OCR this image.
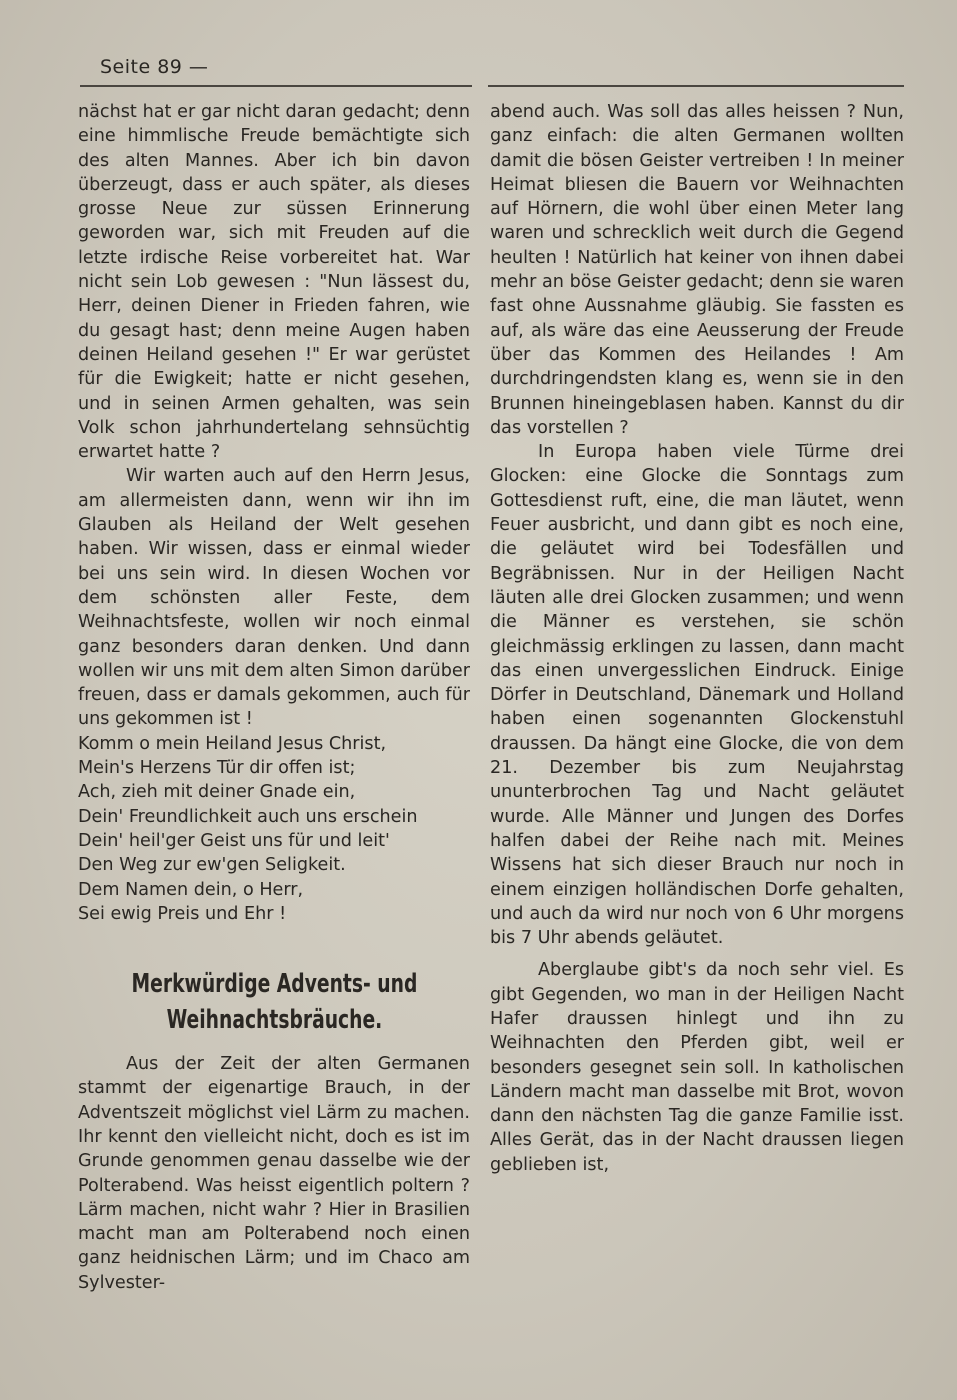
Seite 89 —

nächst hat er gar nicht daran gedacht; denn eine himmlische Freude bemächtigte sich des alten Mannes. Aber ich bin davon überzeugt, dass er auch später, als dieses grosse Neue zur süssen Erinnerung geworden war, sich mit Freuden auf die letzte irdische Reise vorbereitet hat. War nicht sein Lob gewesen : "Nun lässest du, Herr, deinen Diener in Frieden fahren, wie du gesagt hast; denn meine Augen haben deinen Heiland gesehen !" Er war gerüstet für die Ewigkeit; hatte er nicht gesehen, und in seinen Armen gehalten, was sein Volk schon jahrhundertelang sehnsüchtig erwartet hatte ?

Wir warten auch auf den Herrn Jesus, am allermeisten dann, wenn wir ihn im Glauben als Heiland der Welt gesehen haben. Wir wissen, dass er einmal wieder bei uns sein wird. In diesen Wochen vor dem schönsten aller Feste, dem Weihnachtsfeste, wollen wir noch einmal ganz besonders daran denken. Und dann wollen wir uns mit dem alten Simon darüber freuen, dass er damals gekommen, auch für uns gekommen ist !

Komm o mein Heiland Jesus Christ,
Mein's Herzens Tür dir offen ist;
Ach, zieh mit deiner Gnade ein,
Dein' Freundlichkeit auch uns erschein
Dein' heil'ger Geist uns für und leit'
Den Weg zur ew'gen Seligkeit.
Dem Namen dein, o Herr,
Sei ewig Preis und Ehr !
Merkwürdige Advents- und Weihnachtsbräuche.

Aus der Zeit der alten Germanen stammt der eigenartige Brauch, in der Adventszeit möglichst viel Lärm zu machen. Ihr kennt den vielleicht nicht, doch es ist im Grunde genommen genau dasselbe wie der Polterabend. Was heisst eigentlich poltern ? Lärm machen, nicht wahr ? Hier in Brasilien macht man am Polterabend noch einen ganz heidnischen Lärm; und im Chaco am Sylvester-

abend auch. Was soll das alles heissen ? Nun, ganz einfach: die alten Germanen wollten damit die bösen Geister vertreiben ! In meiner Heimat bliesen die Bauern vor Weihnachten auf Hörnern, die wohl über einen Meter lang waren und schrecklich weit durch die Gegend heulten ! Natürlich hat keiner von ihnen dabei mehr an böse Geister gedacht; denn sie waren fast ohne Aussnahme gläubig. Sie fassten es auf, als wäre das eine Aeusserung der Freude über das Kommen des Heilandes ! Am durchdringendsten klang es, wenn sie in den Brunnen hineingeblasen haben. Kannst du dir das vorstellen ?

In Europa haben viele Türme drei Glocken: eine Glocke die Sonntags zum Gottesdienst ruft, eine, die man läutet, wenn Feuer ausbricht, und dann gibt es noch eine, die geläutet wird bei Todesfällen und Begräbnissen. Nur in der Heiligen Nacht läuten alle drei Glocken zusammen; und wenn die Männer es verstehen, sie schön gleichmässig erklingen zu lassen, dann macht das einen unvergesslichen Eindruck. Einige Dörfer in Deutschland, Dänemark und Holland haben einen sogenannten Glockenstuhl draussen. Da hängt eine Glocke, die von dem 21. Dezember bis zum Neujahrstag ununterbrochen Tag und Nacht geläutet wurde. Alle Männer und Jungen des Dorfes halfen dabei der Reihe nach mit. Meines Wissens hat sich dieser Brauch nur noch in einem einzigen holländischen Dorfe gehalten, und auch da wird nur noch von 6 Uhr morgens bis 7 Uhr abends geläutet.

Aberglaube gibt's da noch sehr viel. Es gibt Gegenden, wo man in der Heiligen Nacht Hafer draussen hinlegt und ihn zu Weihnachten den Pferden gibt, weil er besonders gesegnet sein soll. In katholischen Ländern macht man dasselbe mit Brot, wovon dann den nächsten Tag die ganze Familie isst. Alles Gerät, das in der Nacht draussen liegen geblieben ist,
